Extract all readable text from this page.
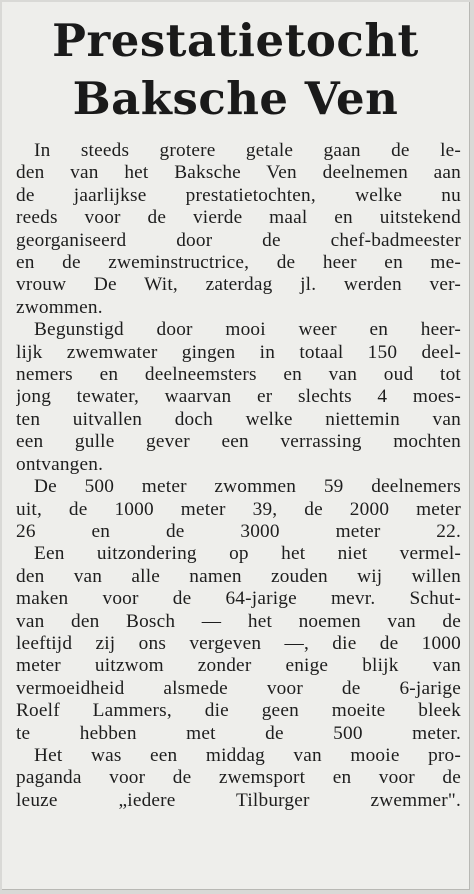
Prestatietocht
Baksche Ven

In steeds grotere getale gaan de le-
den van het Baksche Ven deelnemen aan
de jaarlijkse prestatietochten, welke nu
reeds voor de vierde maal en uitstekend
georganiseerd door de chef-badmeester
en de zweminstructrice, de heer en me-
vrouw De Wit, zaterdag jl. werden ver-
zwommen.

Begunstigd door mooi weer en heer-
lijk zwemwater gingen in totaal 150 deel-
nemers en deelneemsters en van oud tot
jong tewater, waarvan er slechts 4 moes-
ten uitvallen doch welke niettemin van
een gulle gever een verrassing mochten
ontvangen.

De 500 meter zwommen 59 deelnemers
uit, de 1000 meter 39, de 2000 meter
26 en de 3000 meter 22.

Een uitzondering op het niet vermel-
den van alle namen zouden wij willen
maken voor de 64-jarige mevr. Schut-
van den Bosch — het noemen van de
leeftijd zij ons vergeven —, die de 1000
meter uitzwom zonder enige blijk van
vermoeidheid alsmede voor de 6-jarige
Roelf Lammers, die geen moeite bleek
te hebben met de 500 meter.

Het was een middag van mooie pro-
paganda voor de zwemsport en voor de
leuze „iedere Tilburger zwemmer".
